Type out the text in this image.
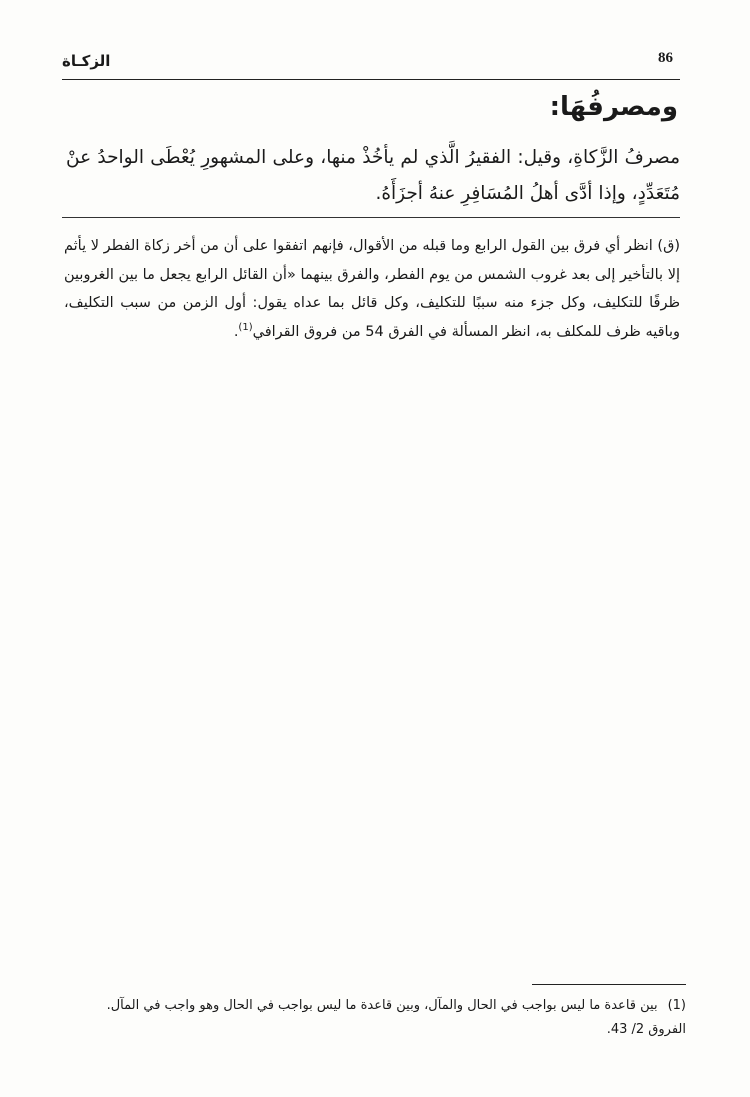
86
الزكـاة
ومصرفُهَا:
مصرفُ الزَّكاةِ، وقيل: الفقيرُ الَّذي لم يأخُذْ منها، وعلى المشهورِ يُعْطَى الواحدُ عنْ مُتَعَدِّدٍ، وإذا أدَّى أهلُ المُسَافِرِ عنهُ أجزَأَهُ.
(ق) انظر أي فرق بين القول الرابع وما قبله من الأقوال، فإنهم اتفقوا على أن من أخر زكاة الفطر لا يأثم إلا بالتأخير إلى بعد غروب الشمس من يوم الفطر، والفرق بينهما «أن القائل الرابع يجعل ما بين الغروبين ظرفًا للتكليف، وكل جزء منه سببًا للتكليف، وكل قائل بما عداه يقول: أول الزمن من سبب التكليف، وباقيه ظرف للمكلف به، انظر المسألة في الفرق 54 من فروق القرافي$^{(1)}$.
(1)بين قاعدة ما ليس بواجب في الحال والمآل، وبين قاعدة ما ليس بواجب في الحال وهو واجب في المآل. الفروق 2/ 43.
